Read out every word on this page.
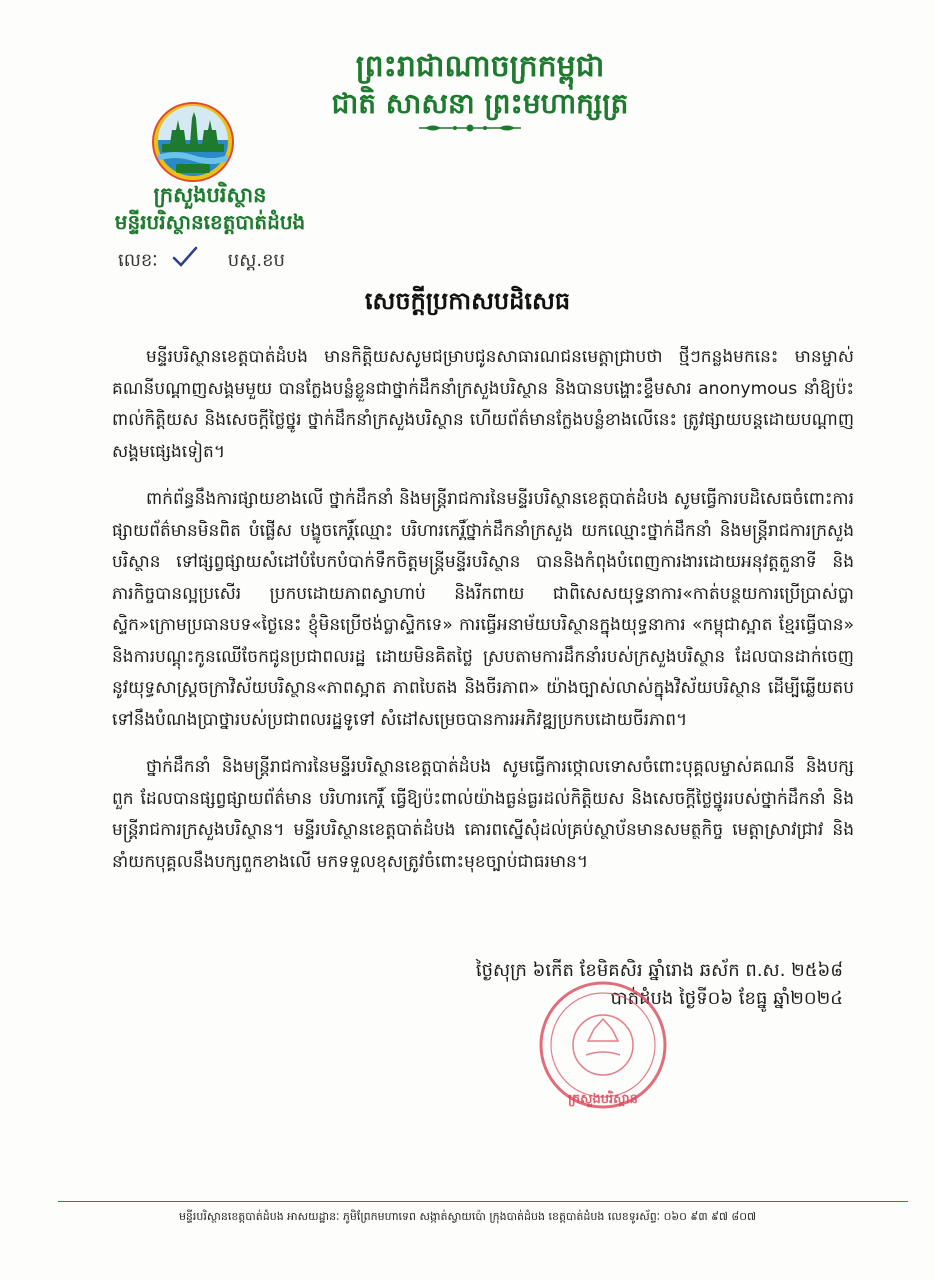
ព្រះរាជាណាចក្រកម្ពុជា
ជាតិ សាសនា ព្រះមហាក្សត្រ
ក្រសួងបរិស្ថាន
មន្ទីរបរិស្ថានខេត្តបាត់ដំបង
លេខៈ	បស្ត.ខប
សេចក្ដីប្រកាសបដិសេធ

មន្ទីរបរិស្ថានខេត្តបាត់ដំបង មានកិត្តិយសសូមជម្រាបជូនសាធារណជនមេត្តាជ្រាបថា ថ្មីៗកន្លងមកនេះ មានម្ចាស់គណនីបណ្តាញសង្គមមួយ បានក្លែងបន្លំខ្លួនជាថ្នាក់ដឹកនាំក្រសួងបរិស្ថាន និងបានបង្ហោះខ្ទឹមសារ anonymous នាំឱ្យប៉ះពាល់កិត្តិយស និងសេចក្តីថ្លៃថ្នូរ ថ្នាក់ដឹកនាំក្រសួងបរិស្ថាន ហើយព័ត៌មានក្លែងបន្លំខាងលើនេះ ត្រូវផ្សាយបន្តដោយបណ្តាញសង្គមផ្សេងទៀត។

ពាក់ព័ន្ធនឹងការផ្សាយខាងលើ ថ្នាក់ដឹកនាំ និងមន្ត្រីរាជការនៃមន្ទីរបរិស្ថានខេត្តបាត់ដំបង សូមធ្វើការបដិសេធចំពោះការផ្សាយព័ត៌មានមិនពិត បំផ្លើស បង្ខូចកេរ្តិ៍ឈ្មោះ បរិហារកេរ្តិ៍ថ្នាក់ដឹកនាំក្រសួង យកឈ្មោះថ្នាក់ដឹកនាំ និងមន្ត្រីរាជការក្រសួងបរិស្ថាន ទៅផ្សព្វផ្សាយសំដៅបំបែកបំបាក់ទឹកចិត្តមន្ត្រីមន្ទីរបរិស្ថាន បាននិងកំពុងបំពេញការងារដោយអនុវត្តតួនាទី និងភារកិច្ចបានល្អប្រសើរ ប្រកបដោយភាពស្វាហាប់ និងរីកពាយ ជាពិសេសយុទ្ធនាការ«កាត់បន្ថយការប្រើប្រាស់ប្លាស្ទិក»ក្រោមប្រធានបទ«ថ្ងៃនេះ ខ្ញុំមិនប្រើថង់ប្លាស្ទិកទេ» ការធ្វើអនាម័យបរិស្ថានក្នុងយុទ្ធនាការ «កម្ពុជាស្អាត ខ្មែរធ្វើបាន» និងការបណ្តុះកូនឈើចែកជូនប្រជាពលរដ្ឋ ដោយមិនគិតថ្លៃ ស្របតាមការដឹកនាំរបស់ក្រសួងបរិស្ថាន ដែលបានដាក់ចេញនូវយុទ្ធសាស្ត្រចក្រាវិស័យបរិស្ថាន«ភាពស្អាត ភាពបៃតង និងចីរភាព» យ៉ាងច្បាស់លាស់ក្នុងវិស័យបរិស្ថាន ដើម្បីឆ្លើយតបទៅនឹងបំណងប្រាថ្នារបស់ប្រជាពលរដ្ឋទូទៅ សំដៅសម្រេចបានការអភិវឌ្ឍប្រកបដោយចីរភាព។

ថ្នាក់ដឹកនាំ និងមន្ត្រីរាជការនៃមន្ទីរបរិស្ថានខេត្តបាត់ដំបង សូមធ្វើការថ្កោលទោសចំពោះបុគ្គលម្ចាស់គណនី និងបក្សពួក ដែលបានផ្សព្វផ្សាយព័ត៌មាន បរិហារកេរ្តិ៍ ធ្វើឱ្យប៉ះពាល់យ៉ាងធ្ងន់ធ្ងរដល់កិត្តិយស និងសេចក្តីថ្លៃថ្នូររបស់ថ្នាក់ដឹកនាំ និងមន្ត្រីរាជការក្រសួងបរិស្ថាន។ មន្ទីរបរិស្ថានខេត្តបាត់ដំបង គោរពស្នើសុំដល់គ្រប់ស្ថាប័នមានសមត្ថកិច្ច មេត្តាស្រាវជ្រាវ និងនាំយកបុគ្គលនឹងបក្សពួកខាងលើ មកទទួលខុសត្រូវចំពោះមុខច្បាប់ជាធរមាន។

ថ្ងៃសុក្រ ៦កើត ខែមិគសិរ ឆ្នាំរោង ឆស័ក ព.ស. ២៥៦៨
បាត់ដំបង ថ្ងៃទី០៦ ខែធ្នូ ឆ្នាំ២០២៤
ក្រសួងបរិស្ថាន
មន្ទីរបរិស្ថានខេត្តបាត់ដំបង អាសយដ្ឋានៈ ភូមិព្រែកមហាទេព សង្កាត់ស្វាយប៉ោ ក្រុងបាត់ដំបង ខេត្តបាត់ដំបង លេខទូរស័ព្ទៈ ០៦០ ៩៣ ៩៧ ៨០៧
